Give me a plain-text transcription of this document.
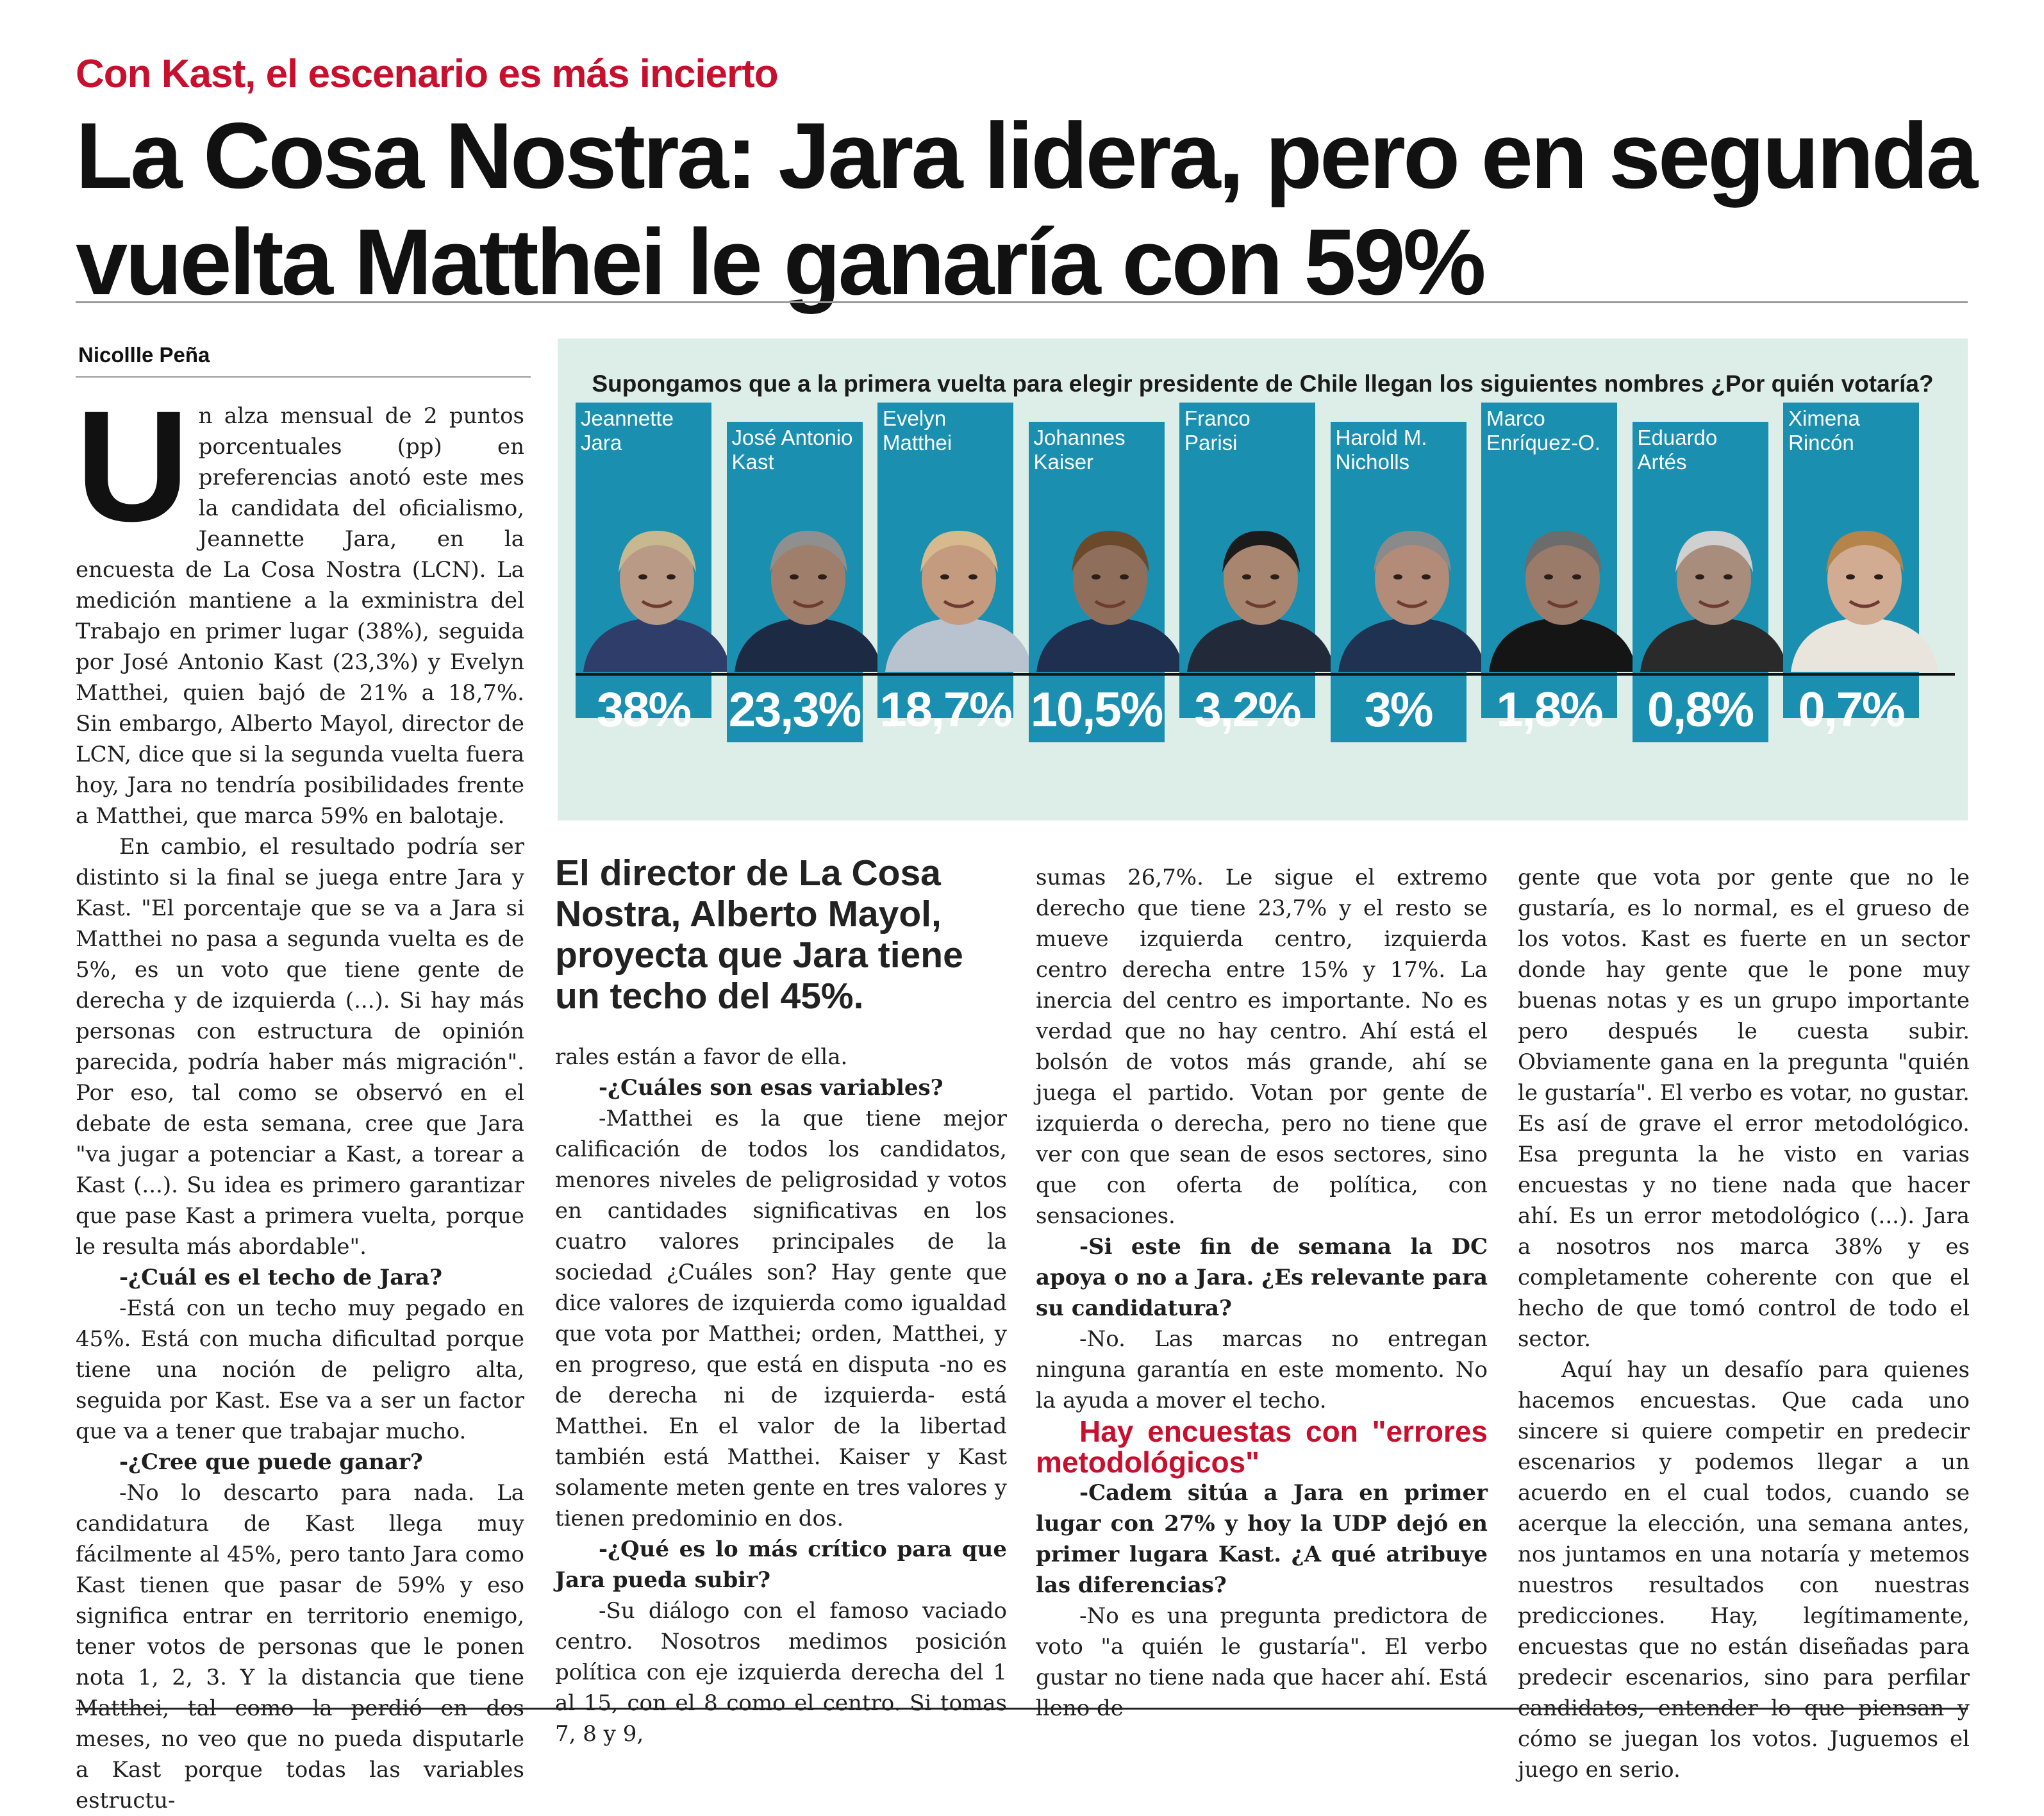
Con Kast, el escenario es más incierto
La Cosa Nostra: Jara lidera, pero en segunda vuelta Matthei le ganaría con 59%
Nicollle Peña

Supongamos que a la primera vuelta para elegir presidente de Chile llegan los siguientes nombres ¿Por quién votaría?

Jeannette
Jara
38%
José Antonio
Kast
23,3%
Evelyn
Matthei
18,7%
Johannes
Kaiser
10,5%
Franco
Parisi
3,2%
Harold M.
Nicholls
3%
Marco
Enríquez-O.
1,8%
Eduardo
Artés
0,8%
Ximena
Rincón
0,7%
U n alza mensual de 2 puntos porcentuales (pp) en preferencias anotó este mes la candidata del oficialismo, Jeannette Jara, en la encuesta de La Cosa Nostra (LCN). La medición mantiene a la exministra del Trabajo en primer lugar (38%), seguida por José Antonio Kast (23,3%) y Evelyn Matthei, quien bajó de 21% a 18,7%. Sin embargo, Alberto Mayol, director de LCN, dice que si la segunda vuelta fuera hoy, Jara no tendría posibilidades frente a Matthei, que marca 59% en balotaje.

En cambio, el resultado podría ser distinto si la final se juega entre Jara y Kast. "El porcentaje que se va a Jara si Matthei no pasa a segunda vuelta es de 5%, es un voto que tiene gente de derecha y de izquierda (...). Si hay más personas con estructura de opinión parecida, podría haber más migración". Por eso, tal como se observó en el debate de esta semana, cree que Jara "va jugar a potenciar a Kast, a torear a Kast (...). Su idea es primero garantizar que pase Kast a primera vuelta, porque le resulta más abordable".

-¿Cuál es el techo de Jara?

-Está con un techo muy pegado en 45%. Está con mucha dificultad porque tiene una noción de peligro alta, seguida por Kast. Ese va a ser un factor que va a tener que trabajar mucho.

-¿Cree que puede ganar?

-No lo descarto para nada. La candidatura de Kast llega muy fácilmente al 45%, pero tanto Jara como Kast tienen que pasar de 59% y eso significa entrar en territorio enemigo, tener votos de personas que le ponen nota 1, 2, 3. Y la distancia que tiene Matthei, tal como la perdió en dos meses, no veo que no pueda disputarle a Kast porque todas las variables estructu-

El director de La Cosa Nostra, Alberto Mayol, proyecta que Jara tiene un techo del 45%.

rales están a favor de ella.

-¿Cuáles son esas variables?

-Matthei es la que tiene mejor calificación de todos los candidatos, menores niveles de peligrosidad y votos en cantidades significativas en los cuatro valores principales de la sociedad ¿Cuáles son? Hay gente que dice valores de izquierda como igualdad que vota por Matthei; orden, Matthei, y en progreso, que está en disputa -no es de derecha ni de izquierda- está Matthei. En el valor de la libertad también está Matthei. Kaiser y Kast solamente meten gente en tres valores y tienen predominio en dos.

-¿Qué es lo más crítico para que Jara pueda subir?

-Su diálogo con el famoso vaciado centro. Nosotros medimos posición política con eje izquierda derecha del 1 al 15, con el 8 como el centro. Si tomas 7, 8 y 9,

sumas 26,7%. Le sigue el extremo derecho que tiene 23,7% y el resto se mueve izquierda centro, izquierda centro derecha entre 15% y 17%. La inercia del centro es importante. No es verdad que no hay centro. Ahí está el bolsón de votos más grande, ahí se juega el partido. Votan por gente de izquierda o derecha, pero no tiene que ver con que sean de esos sectores, sino que con oferta de política, con sensaciones.

-Si este fin de semana la DC apoya o no a Jara. ¿Es relevante para su candidatura?

-No. Las marcas no entregan ninguna garantía en este momento. No la ayuda a mover el techo.

Hay encuestas con "errores metodológicos"

-Cadem sitúa a Jara en primer lugar con 27% y hoy la UDP dejó en primer lugara Kast. ¿A qué atribuye las diferencias?

-No es una pregunta predictora de voto "a quién le gustaría". El verbo gustar no tiene nada que hacer ahí. Está lleno de

gente que vota por gente que no le gustaría, es lo normal, es el grueso de los votos. Kast es fuerte en un sector donde hay gente que le pone muy buenas notas y es un grupo importante pero después le cuesta subir. Obviamente gana en la pregunta "quién le gustaría". El verbo es votar, no gustar. Es así de grave el error metodológico. Esa pregunta la he visto en varias encuestas y no tiene nada que hacer ahí. Es un error metodológico (...). Jara a nosotros nos marca 38% y es completamente coherente con que el hecho de que tomó control de todo el sector.

Aquí hay un desafío para quienes hacemos encuestas. Que cada uno sincere si quiere competir en predecir escenarios y podemos llegar a un acuerdo en el cual todos, cuando se acerque la elección, una semana antes, nos juntamos en una notaría y metemos nuestros resultados con nuestras predicciones. Hay, legítimamente, encuestas que no están diseñadas para predecir escenarios, sino para perfilar candidatos, entender lo que piensan y cómo se juegan los votos. Juguemos el juego en serio.
